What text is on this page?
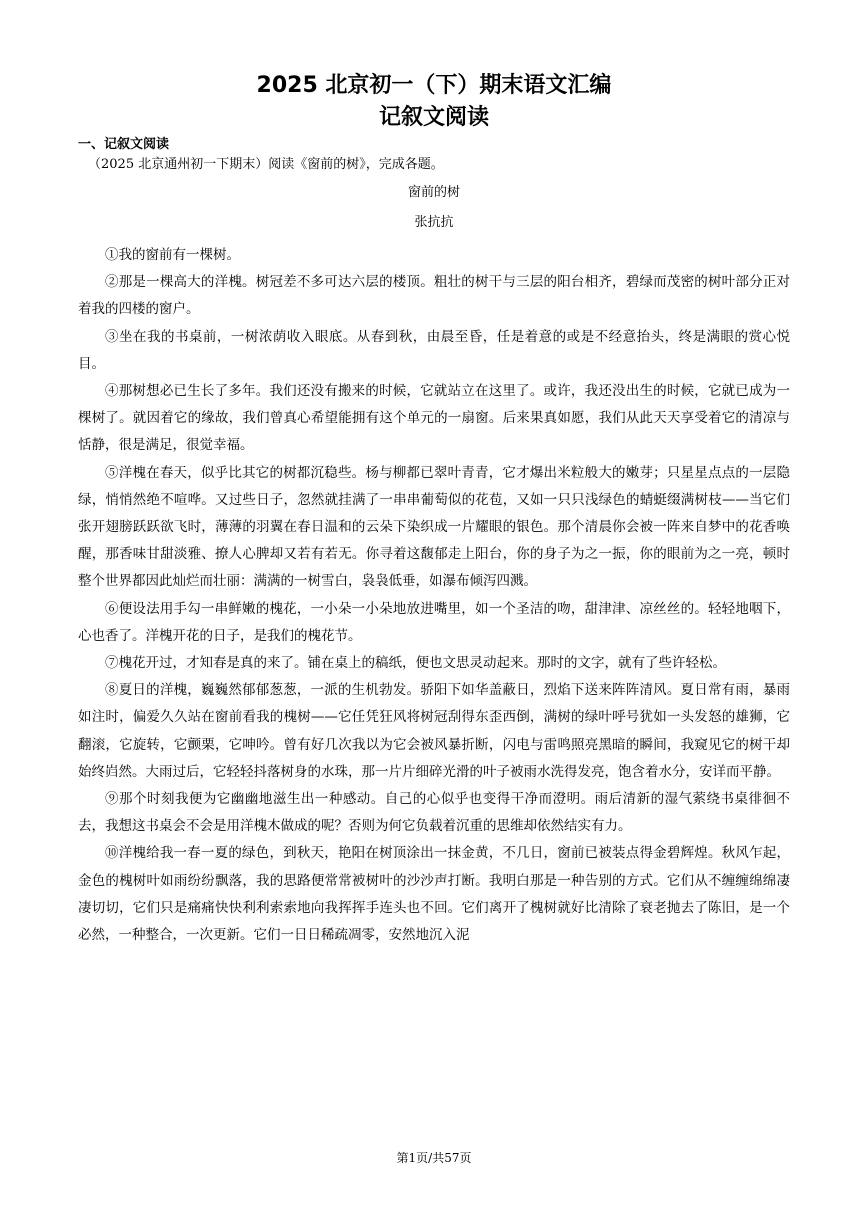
2025 北京初一（下）期末语文汇编
记叙文阅读
一、记叙文阅读

（2025 北京通州初一下期末）阅读《窗前的树》，完成各题。

窗前的树

张抗抗

①我的窗前有一棵树。

②那是一棵高大的洋槐。树冠差不多可达六层的楼顶。粗壮的树干与三层的阳台相齐，碧绿而茂密的树叶部分正对着我的四楼的窗户。

③坐在我的书桌前，一树浓荫收入眼底。从春到秋，由晨至昏，任是着意的或是不经意抬头，终是满眼的赏心悦目。

④那树想必已生长了多年。我们还没有搬来的时候，它就站立在这里了。或许，我还没出生的时候，它就已成为一棵树了。就因着它的缘故，我们曾真心希望能拥有这个单元的一扇窗。后来果真如愿，我们从此天天享受着它的清凉与恬静，很是满足，很觉幸福。

⑤洋槐在春天，似乎比其它的树都沉稳些。杨与柳都已翠叶青青，它才爆出米粒般大的嫩芽；只星星点点的一层隐绿，悄悄然绝不喧哗。又过些日子，忽然就挂满了一串串葡萄似的花苞，又如一只只浅绿色的蜻蜓缀满树枝——当它们张开翅膀跃跃欲飞时，薄薄的羽翼在春日温和的云朵下染织成一片耀眼的银色。那个清晨你会被一阵来自梦中的花香唤醒，那香味甘甜淡雅、撩人心脾却又若有若无。你寻着这馥郁走上阳台，你的身子为之一振，你的眼前为之一亮，顿时整个世界都因此灿烂而壮丽：满满的一树雪白，袅袅低垂，如瀑布倾泻四溅。

⑥便设法用手勾一串鲜嫩的槐花，一小朵一小朵地放进嘴里，如一个圣洁的吻，甜津津、凉丝丝的。轻轻地咽下，心也香了。洋槐开花的日子，是我们的槐花节。

⑦槐花开过，才知春是真的来了。铺在桌上的稿纸，便也文思灵动起来。那时的文字，就有了些许轻松。

⑧夏日的洋槐，巍巍然郁郁葱葱，一派的生机勃发。骄阳下如华盖蔽日，烈焰下送来阵阵清风。夏日常有雨，暴雨如注时，偏爱久久站在窗前看我的槐树——它任凭狂风将树冠刮得东歪西倒，满树的绿叶呼号犹如一头发怒的雄狮，它翻滚，它旋转，它颤栗，它呻吟。曾有好几次我以为它会被风暴折断，闪电与雷鸣照亮黑暗的瞬间，我窥见它的树干却始终岿然。大雨过后，它轻轻抖落树身的水珠，那一片片细碎光滑的叶子被雨水洗得发亮，饱含着水分，安详而平静。

⑨那个时刻我便为它幽幽地滋生出一种感动。自己的心似乎也变得干净而澄明。雨后清新的湿气萦绕书桌徘徊不去，我想这书桌会不会是用洋槐木做成的呢？否则为何它负载着沉重的思维却依然结实有力。

⑩洋槐给我一春一夏的绿色，到秋天，艳阳在树顶涂出一抹金黄，不几日，窗前已被装点得金碧辉煌。秋风乍起，金色的槐树叶如雨纷纷飘落，我的思路便常常被树叶的沙沙声打断。我明白那是一种告别的方式。它们从不缠缠绵绵凄凄切切，它们只是痛痛快快利利索索地向我挥挥手连头也不回。它们离开了槐树就好比清除了衰老抛去了陈旧，是一个必然，一种整合，一次更新。它们一日日稀疏凋零，安然地沉入泥

第1页/共57页
